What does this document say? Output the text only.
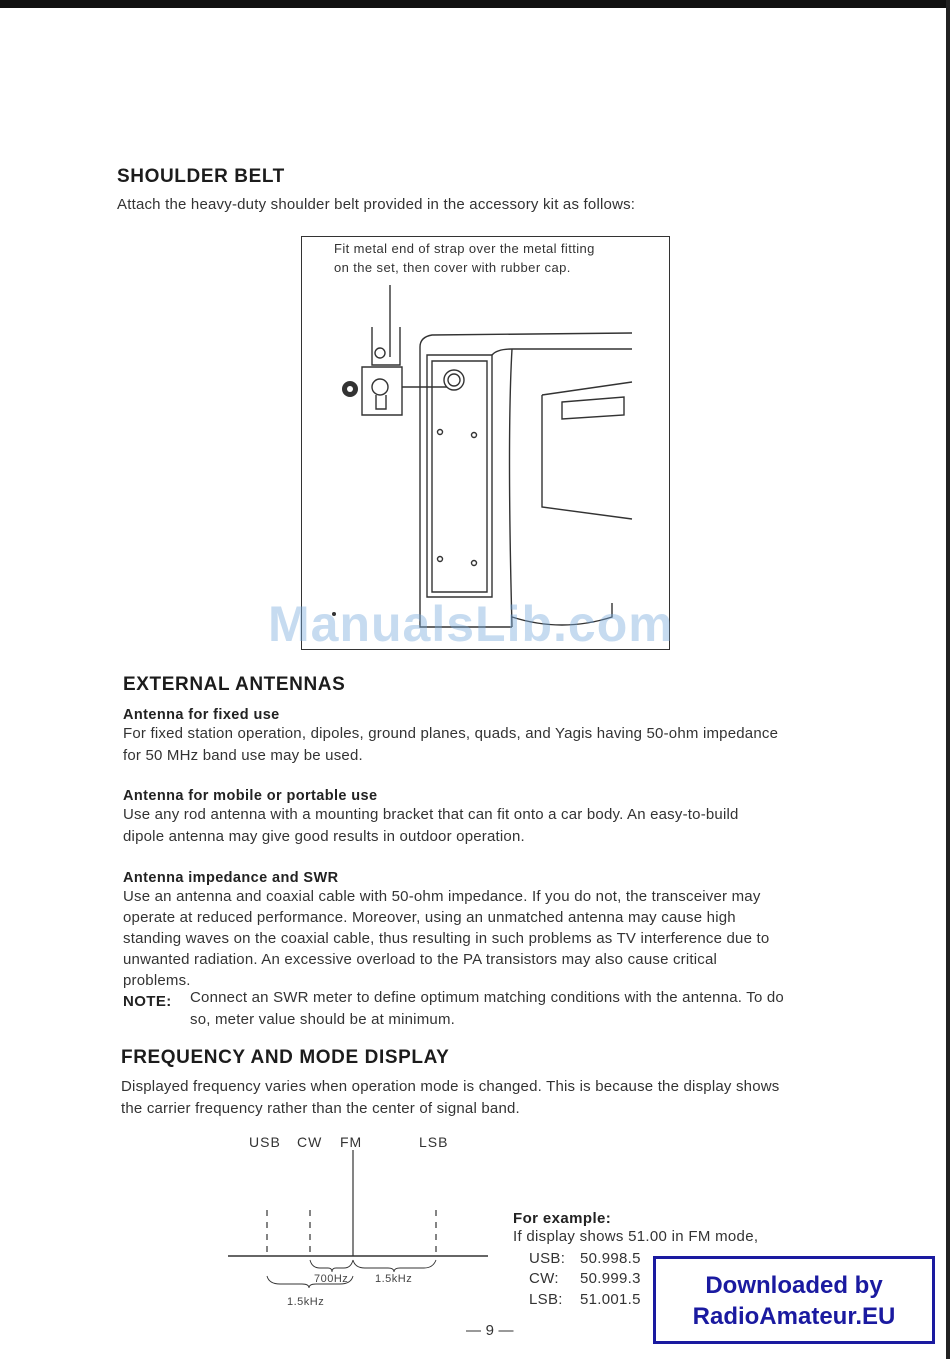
SHOULDER BELT
Attach the heavy-duty shoulder belt provided in the accessory kit as follows:
Fit metal end of strap over the metal fitting
on the set, then cover with rubber cap.
ManualsLib.com
EXTERNAL ANTENNAS
Antenna for fixed use
For fixed station operation, dipoles, ground planes, quads, and Yagis having 50-ohm impedance
for 50 MHz band use may be used.
Antenna for mobile or portable use
Use any rod antenna with a mounting bracket that can fit onto a car body. An easy-to-build
dipole antenna may give good results in outdoor operation.
Antenna impedance and SWR
Use an antenna and coaxial cable with 50-ohm impedance. If you do not, the transceiver may
operate at reduced performance. Moreover, using an unmatched antenna may cause high
standing waves on the coaxial cable, thus resulting in such problems as TV interference due to
unwanted radiation. An excessive overload to the PA transistors may also cause critical
problems.
NOTE: Connect an SWR meter to define optimum matching conditions with the antenna. To do
so, meter value should be at minimum.
FREQUENCY AND MODE DISPLAY
Displayed frequency varies when operation mode is changed. This is because the display shows
the carrier frequency rather than the center of signal band.
USB CW FM	LSB
700Hz 1.5kHz
1.5kHz
For example:
If display shows 51.00 in FM mode,
USB: 50.998.5
CW: 50.999.3
LSB: 51.001.5
— 9 —
Downloaded by
RadioAmateur.EU
